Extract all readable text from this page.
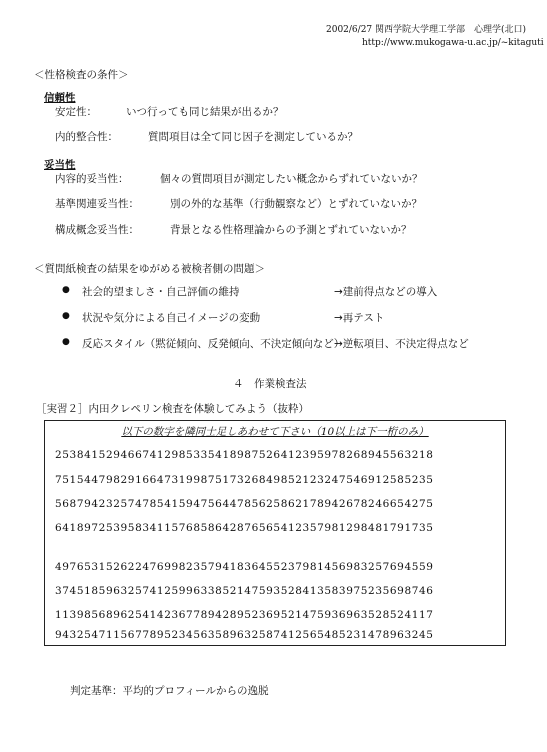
2002/6/27 関西学院大学理工学部　心理学(北口)
http://www.mukogawa-u.ac.jp/~kitaguti
＜性格検査の条件＞
信頼性
安定性：	いつ行っても同じ結果が出るか？
内的整合性：	質問項目は全て同じ因子を測定しているか？
妥当性
内容的妥当性：	個々の質問項目が測定したい概念からずれていないか？
基準関連妥当性：	別の外的な基準（行動観察など）とずれていないか？
構成概念妥当性：	背景となる性格理論からの予測とずれていないか？
＜質問紙検査の結果をゆがめる被検者側の問題＞
● 社会的望ましさ・自己評価の維持	→建前得点などの導入
● 状況や気分による自己イメージの変動	→再テスト
● 反応スタイル（黙従傾向、反発傾向、不決定傾向など）
→逆転項目、不決定得点など
４　作業検査法
［実習２］内田クレペリン検査を体験してみよう（抜粋）
以下の数字を隣同士足しあわせて下さい（10以上は下一桁のみ）
2538415294667412985335418987526412395978268945563218
7515447982916647319987517326849852123247546912585235
5687942325747854159475644785625862178942678246654275
6418972539583411576858642876565412357981298481791735
4976531526224769982357941836455237981456983257694559
3745185963257412599633852147593528413583975235698746
1139856896254142367789428952369521475936963528524117
9432547115677895234563589632587412565485231478963245
判定基準：平均的プロフィールからの逸脱
